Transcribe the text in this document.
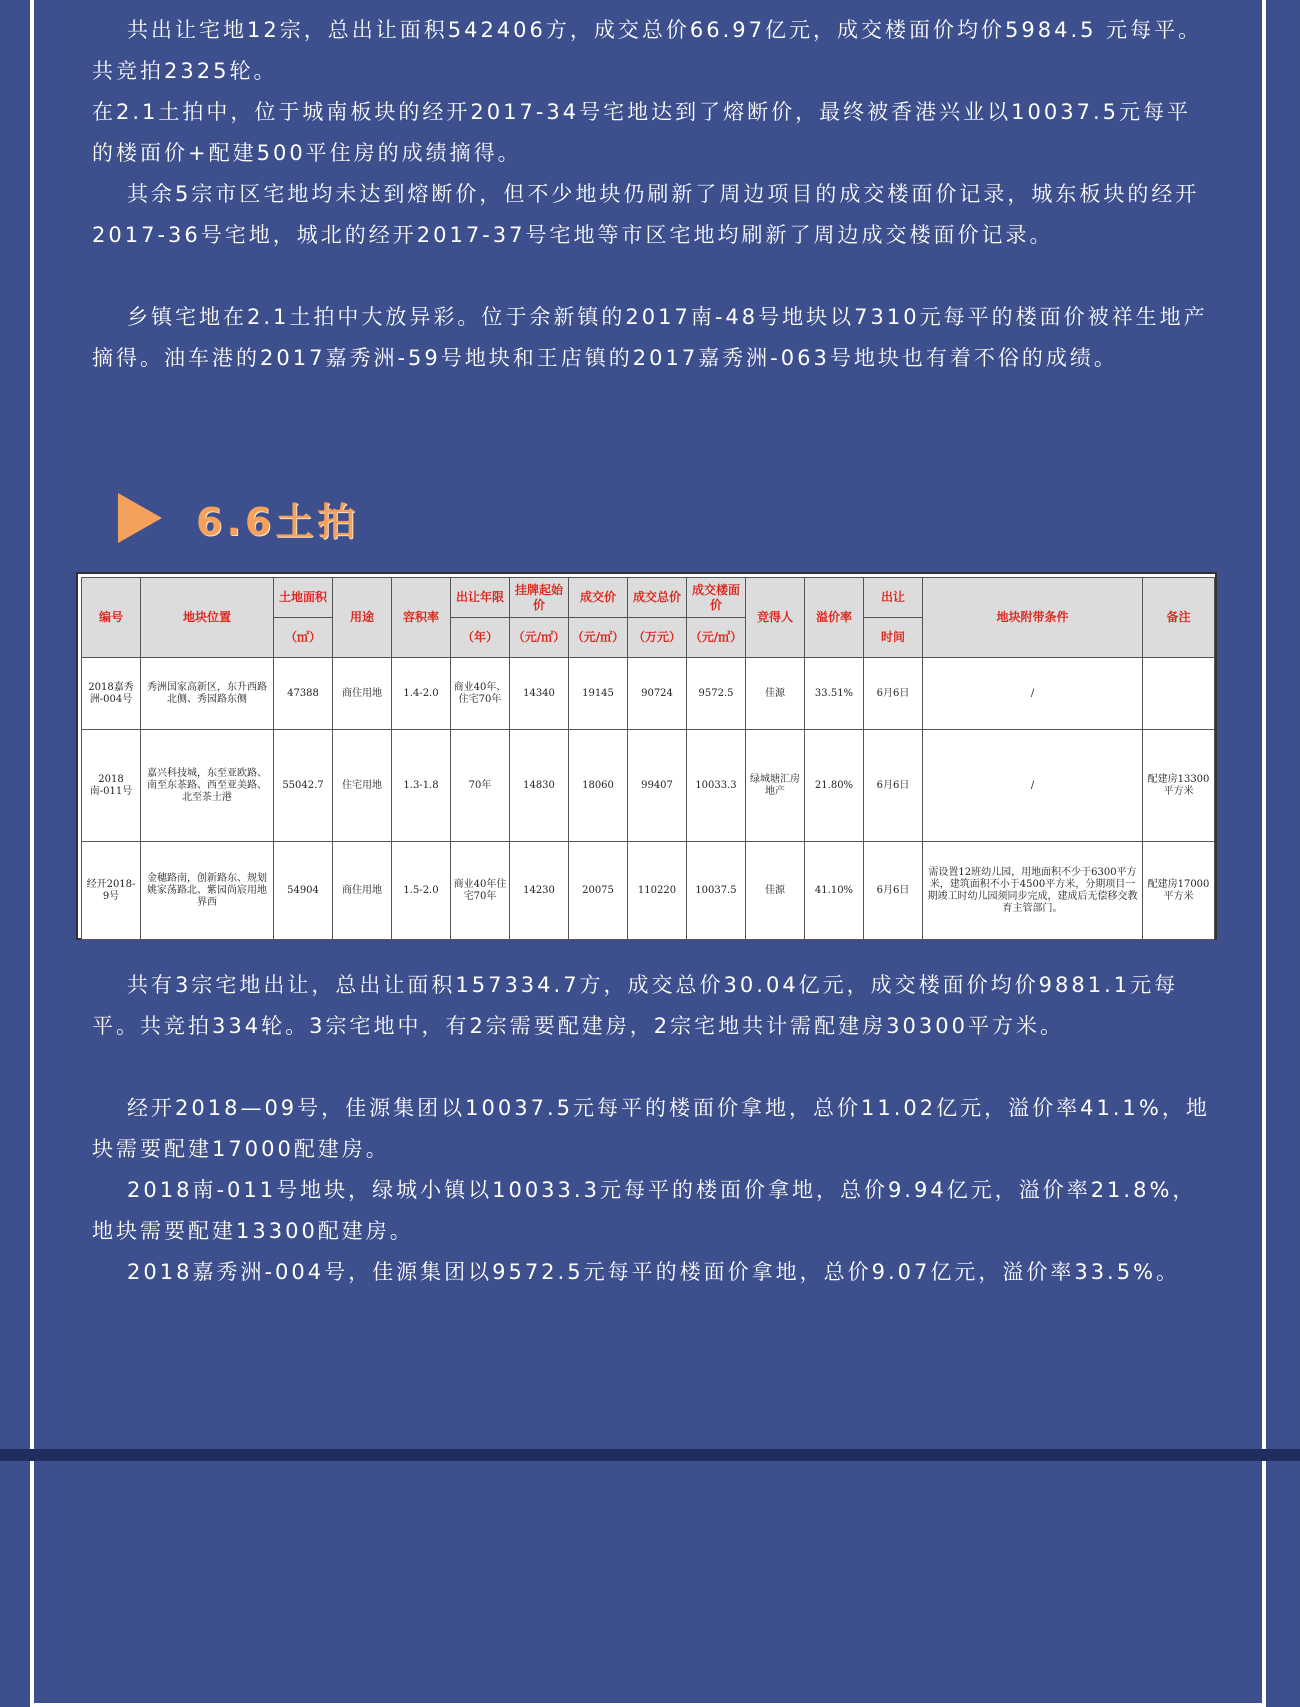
共出让宅地12宗，总出让面积542406方，成交总价66.97亿元，成交楼面价均价5984.5 元每平。共竞拍2325轮。

在2.1土拍中，位于城南板块的经开2017-34号宅地达到了熔断价，最终被香港兴业以10037.5元每平的楼面价+配建500平住房的成绩摘得。

其余5宗市区宅地均未达到熔断价，但不少地块仍刷新了周边项目的成交楼面价记录，城东板块的经开2017-36号宅地，城北的经开2017-37号宅地等市区宅地均刷新了周边成交楼面价记录。

乡镇宅地在2.1土拍中大放异彩。位于余新镇的2017南-48号地块以7310元每平的楼面价被祥生地产摘得。油车港的2017嘉秀洲-59号地块和王店镇的2017嘉秀洲-063号地块也有着不俗的成绩。

6.6土拍
编号	地块位置	土地面积	用途	容积率	出让年限	挂牌起始价	成交价	成交总价	成交楼面价	竞得人	溢价率	出让	地块附带条件	备注
		（㎡）			（年）	（元/㎡）	（元/㎡）	（万元）	（元/㎡）			时间		
2018嘉秀洲-004号	秀洲国家高新区，东升西路北侧、秀园路东侧	47388	商住用地	1.4-2.0	商业40年、住宅70年	14340	19145	90724	9572.5	佳源	33.51%	6月6日	/	
2018南-011号	嘉兴科技城，东至亚欧路、南至东茶路、西至亚美路、北至茶土港	55042.7	住宅用地	1.3-1.8	70年	14830	18060	99407	10033.3	绿城塘汇房地产	21.80%	6月6日	/	配建房13300平方米
经开2018-9号	金穗路南，创新路东、规划姚家荡路北、紫园尚宸用地界西	54904	商住用地	1.5-2.0	商业40年住宅70年	14230	20075	110220	10037.5	佳源	41.10%	6月6日	需设置12班幼儿园，用地面积不少于6300平方米，建筑面积不小于4500平方米，分期项目一期竣工时幼儿园须同步完成，建成后无偿移交教育主管部门。	配建房17000平方米

共有3宗宅地出让，总出让面积157334.7方，成交总价30.04亿元，成交楼面价均价9881.1元每平。共竞拍334轮。3宗宅地中，有2宗需要配建房，2宗宅地共计需配建房30300平方米。

经开2018—09号，佳源集团以10037.5元每平的楼面价拿地，总价11.02亿元，溢价率41.1%，地块需要配建17000配建房。

2018南-011号地块，绿城小镇以10033.3元每平的楼面价拿地，总价9.94亿元，溢价率21.8%，地块需要配建13300配建房。

2018嘉秀洲-004号，佳源集团以9572.5元每平的楼面价拿地，总价9.07亿元，溢价率33.5%。
